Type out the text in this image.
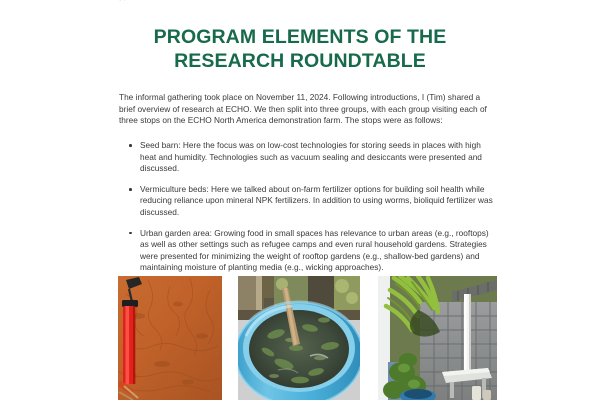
PROGRAM ELEMENTS OF THE
RESEARCH ROUNDTABLE

The informal gathering took place on November 11, 2024. Following introductions, I (Tim) shared a brief overview of research at ECHO. We then split into three groups, with each group visiting each of three stops on the ECHO North America demonstration farm. The stops were as follows:

Seed barn: Here the focus was on low-cost technologies for storing seeds in places with high heat and humidity. Technologies such as vacuum sealing and desiccants were presented and discussed.
Vermiculture beds: Here we talked about on-farm fertilizer options for building soil health while reducing reliance upon mineral NPK fertilizers. In addition to using worms, bioliquid fertilizer was discussed.
Urban garden area: Growing food in small spaces has relevance to urban areas (e.g., rooftops) as well as other settings such as refugee camps and even rural household gardens. Strategies were presented for minimizing the weight of rooftop gardens (e.g., shallow-bed gardens) and maintaining moisture of planting media (e.g., wicking approaches).
